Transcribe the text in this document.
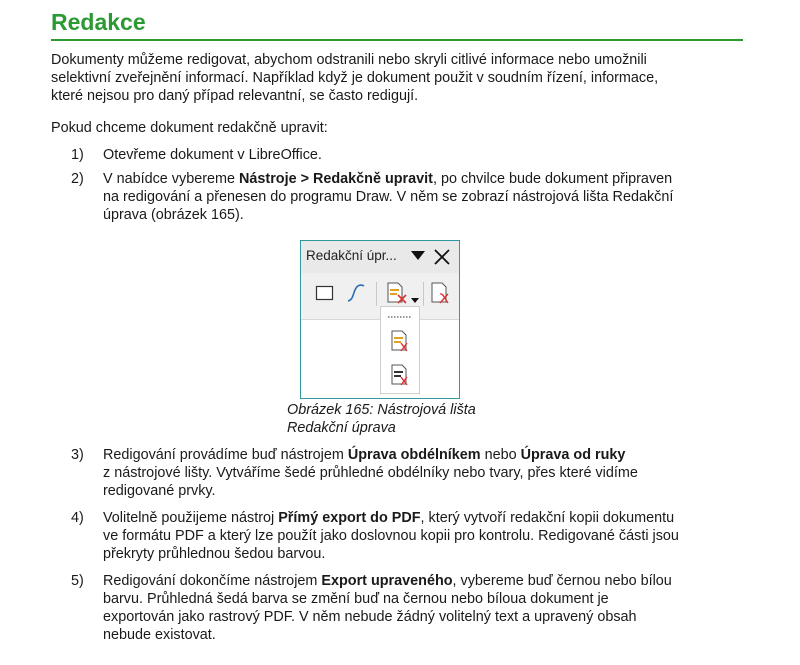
Redakce
Dokumenty můžeme redigovat, abychom odstranili nebo skryli citlivé informace nebo umožnili
selektivní zveřejnění informací. Například když je dokument použit v soudním řízení, informace,
které nejsou pro daný případ relevantní, se často redigují.
Pokud chceme dokument redakčně upravit:
1) Otevřeme dokument v LibreOffice.
2) V nabídce vybereme Nástroje > Redakčně upravit, po chvilce bude dokument připraven
na redigování a přenesen do programu Draw. V něm se zobrazí nástrojová lišta Redakční
úprava (obrázek 165).
3) Redigování provádíme buď nástrojem Úprava obdélníkem nebo Úprava od ruky
z nástrojové lišty. Vytváříme šedé průhledné obdélníky nebo tvary, přes které vidíme
redigované prvky.
4) Volitelně použijeme nástroj Přímý export do PDF, který vytvoří redakční kopii dokumentu
ve formátu PDF a který lze použít jako doslovnou kopii pro kontrolu. Redigované části jsou
překryty průhlednou šedou barvou.
5) Redigování dokončíme nástrojem Export upraveného, vybereme buď černou nebo bílou
barvu. Průhledná šedá barva se změní buď na černou nebo bíloua dokument je
exportován jako rastrový PDF. V něm nebude žádný volitelný text a upravený obsah
nebude existovat.
Redakční úpr...
Obrázek 165: Nástrojová lišta
Redakční úprava
